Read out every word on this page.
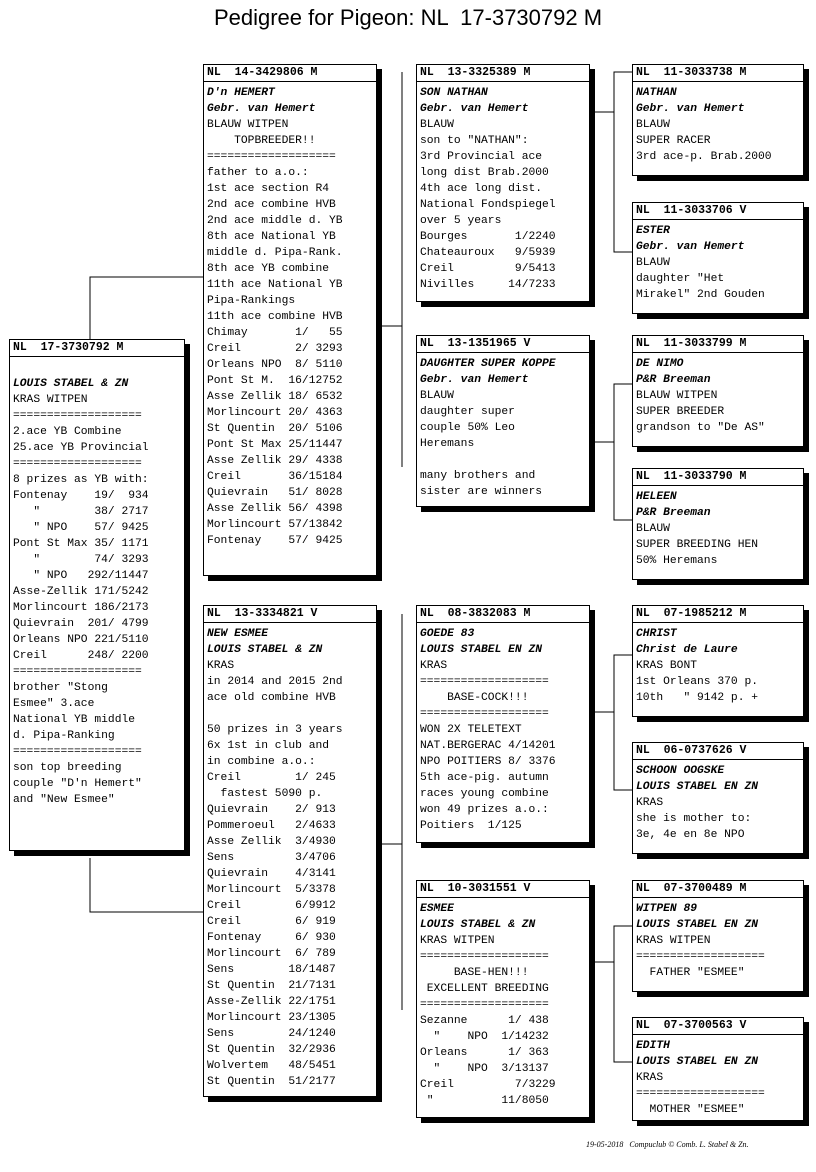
Pedigree for Pigeon: NL  17-3730792 M
NL  17-3730792 M
LOUIS STABEL & ZN
KRAS WITPEN
===================
2.ace YB Combine
25.ace YB Provincial
===================
8 prizes as YB with:
Fontenay    19/  934
"        38/ 2717
" NPO    57/ 9425
Pont St Max 35/ 1171
"        74/ 3293
" NPO   292/11447
Asse-Zellik 171/5242
Morlincourt 186/2173
Quievrain  201/ 4799
Orleans NPO 221/5110
Creil      248/ 2200
===================
brother "Stong
Esmee" 3.ace
National YB middle
d. Pipa-Ranking
===================
son top breeding
couple "D'n Hemert"
and "New Esmee"
NL  14-3429806 M
D'n HEMERT
Gebr. van Hemert
BLAUW WITPEN
TOPBREEDER!!
===================
father to a.o.:
1st ace section R4
2nd ace combine HVB
2nd ace middle d. YB
8th ace National YB
middle d. Pipa-Rank.
8th ace YB combine
11th ace National YB
Pipa-Rankings
11th ace combine HVB
Chimay       1/   55
Creil        2/ 3293
Orleans NPO  8/ 5110
Pont St M.  16/12752
Asse Zellik 18/ 6532
Morlincourt 20/ 4363
St Quentin  20/ 5106
Pont St Max 25/11447
Asse Zellik 29/ 4338
Creil       36/15184
Quievrain   51/ 8028
Asse Zellik 56/ 4398
Morlincourt 57/13842
Fontenay    57/ 9425
NL  13-3334821 V
NEW ESMEE
LOUIS STABEL & ZN
KRAS
in 2014 and 2015 2nd
ace old combine HVB
50 prizes in 3 years
6x 1st in club and
in combine a.o.:
Creil        1/ 245
fastest 5090 p.
Quievrain    2/ 913
Pommeroeul   2/4633
Asse Zellik  3/4930
Sens         3/4706
Quievrain    4/3141
Morlincourt  5/3378
Creil        6/9912
Creil        6/ 919
Fontenay     6/ 930
Morlincourt  6/ 789
Sens        18/1487
St Quentin  21/7131
Asse-Zellik 22/1751
Morlincourt 23/1305
Sens        24/1240
St Quentin  32/2936
Wolvertem   48/5451
St Quentin  51/2177
NL  13-3325389 M
SON NATHAN
Gebr. van Hemert
BLAUW
son to "NATHAN":
3rd Provincial ace
long dist Brab.2000
4th ace long dist.
National Fondspiegel
over 5 years
Bourges       1/2240
Chateauroux   9/5939
Creil         9/5413
Nivilles     14/7233
NL  13-1351965 V
DAUGHTER SUPER KOPPE
Gebr. van Hemert
BLAUW
daughter super
couple 50% Leo
Heremans
many brothers and
sister are winners
NL  08-3832083 M
GOEDE 83
LOUIS STABEL EN ZN
KRAS
===================
BASE-COCK!!!
===================
WON 2X TELETEXT
NAT.BERGERAC 4/14201
NPO POITIERS 8/ 3376
5th ace-pig. autumn
races young combine
won 49 prizes a.o.:
Poitiers  1/125
NL  10-3031551 V
ESMEE
LOUIS STABEL & ZN
KRAS WITPEN
===================
BASE-HEN!!!
EXCELLENT BREEDING
===================
Sezanne      1/ 438
"    NPO  1/14232
Orleans      1/ 363
"    NPO  3/13137
Creil         7/3229
"          11/8050
NL  11-3033738 M
NATHAN
Gebr. van Hemert
BLAUW
SUPER RACER
3rd ace-p. Brab.2000
NL  11-3033706 V
ESTER
Gebr. van Hemert
BLAUW
daughter "Het
Mirakel" 2nd Gouden
NL  11-3033799 M
DE NIMO
P&R Breeman
BLAUW WITPEN
SUPER BREEDER
grandson to "De AS"
NL  11-3033790 M
HELEEN
P&R Breeman
BLAUW
SUPER BREEDING HEN
50% Heremans
NL  07-1985212 M
CHRIST
Christ de Laure
KRAS BONT
1st Orleans 370 p.
10th   " 9142 p. +
NL  06-0737626 V
SCHOON OOGSKE
LOUIS STABEL EN ZN
KRAS
she is mother to:
3e, 4e en 8e NPO
NL  07-3700489 M
WITPEN 89
LOUIS STABEL EN ZN
KRAS WITPEN
===================
FATHER "ESMEE"
NL  07-3700563 V
EDITH
LOUIS STABEL EN ZN
KRAS
===================
MOTHER "ESMEE"
19-05-2018   Compuclub © Comb. L. Stabel & Zn.
